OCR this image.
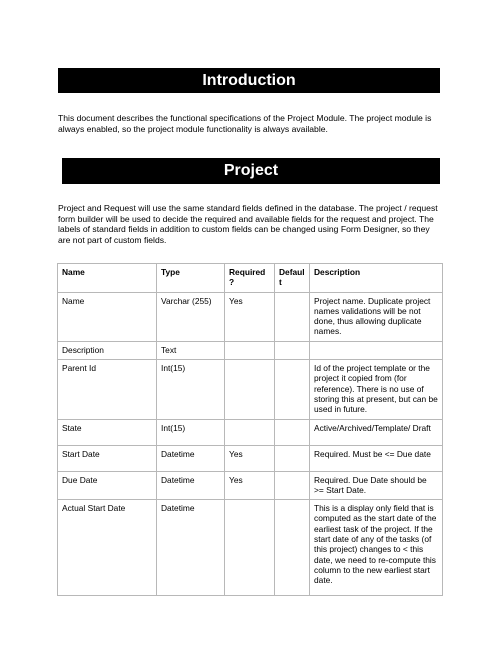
Introduction
This document describes the functional specifications of the Project Module. The project module is always enabled, so the project module functionality is always available.
Project
Project and Request will use the same standard fields defined in the database. The project / request form builder will be used to decide the required and available fields for the request and project. The labels of standard fields in addition to custom fields can be changed using Form Designer, so they are not part of custom fields.
Name	Type	Required ?	Default	Description
Name	Varchar (255)	Yes		Project name. Duplicate project names validations will be not done, thus allowing duplicate names.
Description	Text			
Parent Id	Int(15)			Id of the project template or the project it copied from (for reference). There is no use of storing this at present, but can be used in future.
State	Int(15)			Active/Archived/Template/ Draft
Start Date	Datetime	Yes		Required. Must be <= Due date
Due Date	Datetime	Yes		Required. Due Date should be >= Start Date.
Actual Start Date	Datetime			This is a display only field that is computed as the start date of the earliest task of the project. If the start date of any of the tasks (of this project) changes to < this date, we need to re-compute this column to the new earliest start date.
